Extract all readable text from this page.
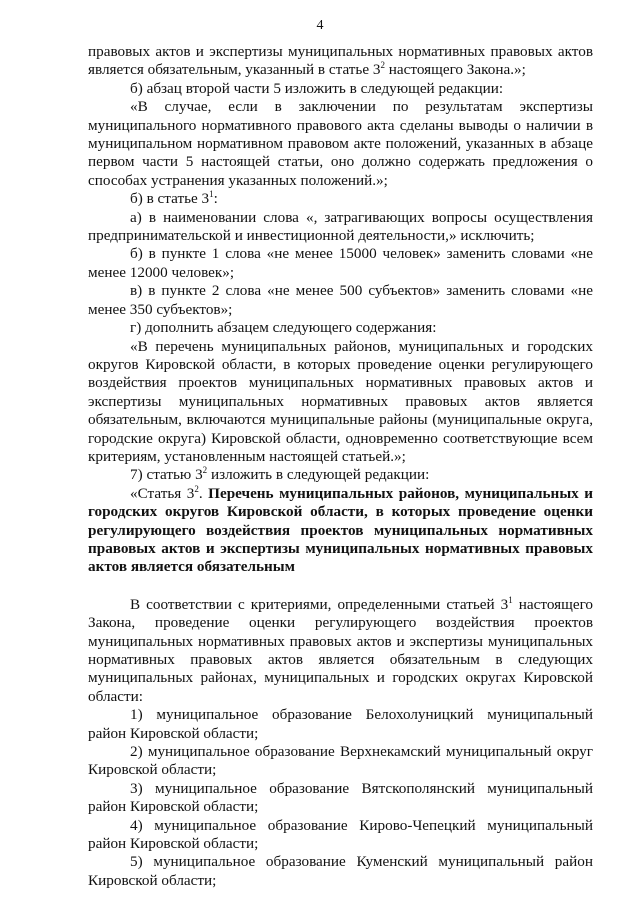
4

правовых актов и экспертизы муниципальных нормативных правовых актов является обязательным, указанный в статье $3^2$ настоящего Закона.»;

б) абзац второй части 5 изложить в следующей редакции:

«В случае, если в заключении по результатам экспертизы муниципального нормативного правового акта сделаны выводы о наличии в муниципальном нормативном правовом акте положений, указанных в абзаце первом части 5 настоящей статьи, оно должно содержать предложения о способах устранения указанных положений.»;

б) в статье $3^1$:

а) в наименовании слова «, затрагивающих вопросы осуществления предпринимательской и инвестиционной деятельности,» исключить;

б) в пункте 1 слова «не менее 15000 человек» заменить словами «не менее 12000 человек»;

в) в пункте 2 слова «не менее 500 субъектов» заменить словами «не менее 350 субъектов»;

г) дополнить абзацем следующего содержания:

«В перечень муниципальных районов, муниципальных и городских округов Кировской области, в которых проведение оценки регулирующего воздействия проектов муниципальных нормативных правовых актов и экспертизы муниципальных нормативных правовых актов является обязательным, включаются муниципальные районы (муниципальные округа, городские округа) Кировской области, одновременно соответствующие всем критериям, установленным настоящей статьей.»;

7) статью $3^2$ изложить в следующей редакции:

«Статья $3^2$. Перечень муниципальных районов, муниципальных и городских округов Кировской области, в которых проведение оценки регулирующего воздействия проектов муниципальных нормативных правовых актов и экспертизы муниципальных нормативных правовых актов является обязательным

В соответствии с критериями, определенными статьей $3^1$ настоящего Закона, проведение оценки регулирующего воздействия проектов муниципальных нормативных правовых актов и экспертизы муниципальных нормативных правовых актов является обязательным в следующих муниципальных районах, муниципальных и городских округах Кировской области:

1) муниципальное образование Белохолуницкий муниципальный район Кировской области;

2) муниципальное образование Верхнекамский муниципальный округ Кировской области;

3) муниципальное образование Вятскополянский муниципальный район Кировской области;

4) муниципальное образование Кирово-Чепецкий муниципальный район Кировской области;

5) муниципальное образование Куменский муниципальный район Кировской области;
